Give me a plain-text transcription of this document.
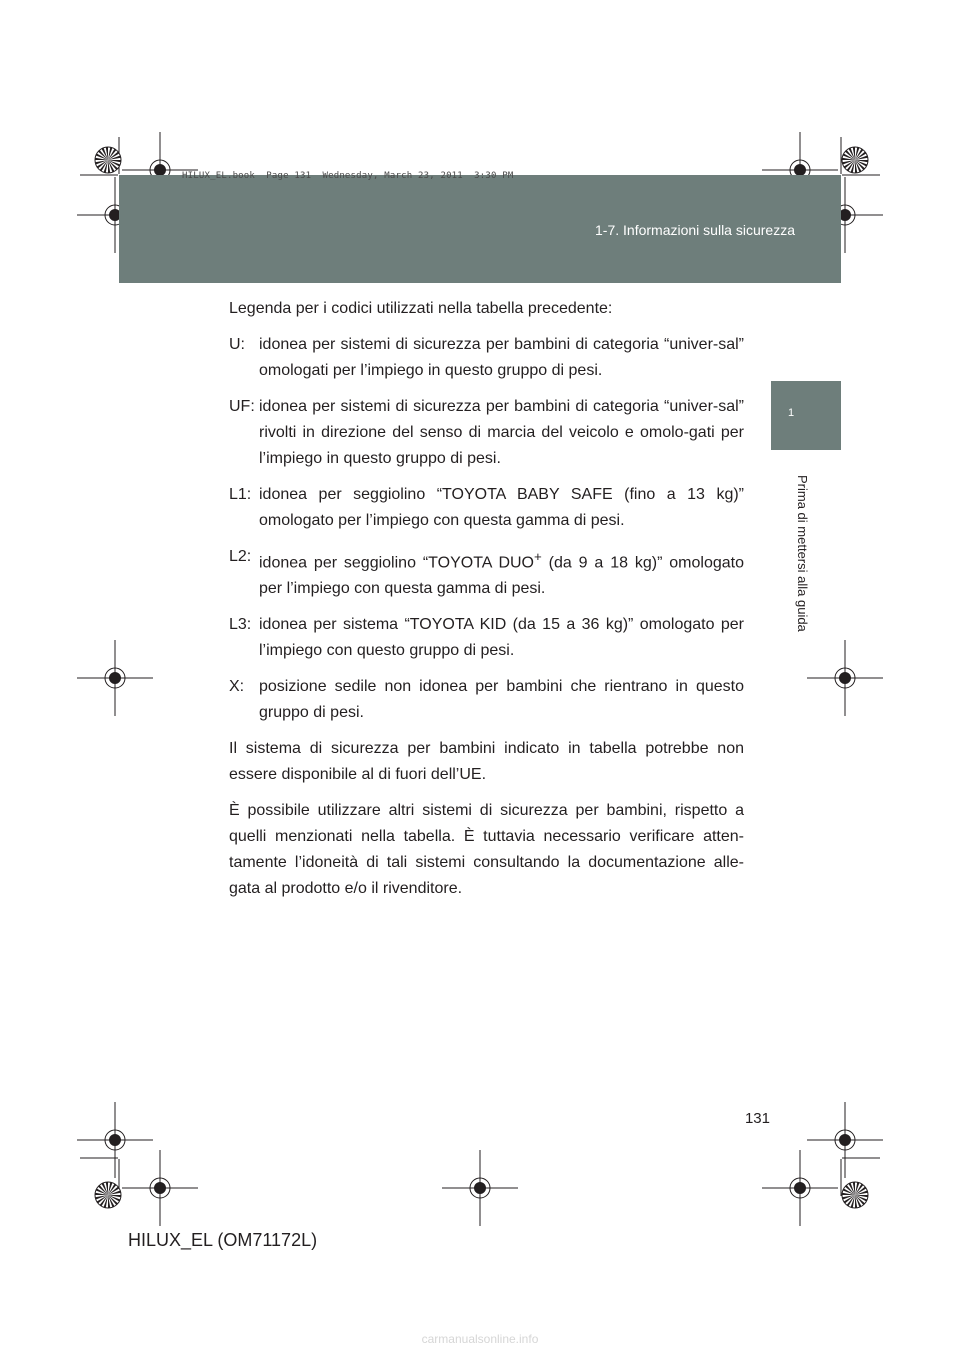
HILUX_EL.book  Page 131  Wednesday, March 23, 2011  3:30 PM
1-7. Informazioni sulla sicurezza
1
Prima di mettersi alla guida

Legenda per i codici utilizzati nella tabella precedente:

U: idonea per sistemi di sicurezza per bambini di categoria “univer-sal” omologati per l’impiego in questo gruppo di pesi.
UF: idonea per sistemi di sicurezza per bambini di categoria “univer-sal” rivolti in direzione del senso di marcia del veicolo e omolo-gati per l’impiego in questo gruppo di pesi.
L1: idonea per seggiolino “TOYOTA BABY SAFE (fino a 13 kg)” omologato per l’impiego con questa gamma di pesi.
L2: idonea per seggiolino “TOYOTA DUO+ (da 9 a 18 kg)” omologato per l’impiego con questa gamma di pesi.
L3: idonea per sistema “TOYOTA KID (da 15 a 36 kg)” omologato per l’impiego con questo gruppo di pesi.
X: posizione sedile non idonea per bambini che rientrano in questo gruppo di pesi.

Il sistema di sicurezza per bambini indicato in tabella potrebbe non essere disponibile al di fuori dell’UE.

È possibile utilizzare altri sistemi di sicurezza per bambini, rispetto a quelli menzionati nella tabella. È tuttavia necessario verificare atten-tamente l’idoneità di tali sistemi consultando la documentazione alle-gata al prodotto e/o il rivenditore.

131
HILUX_EL (OM71172L)
carmanualsonline.info
